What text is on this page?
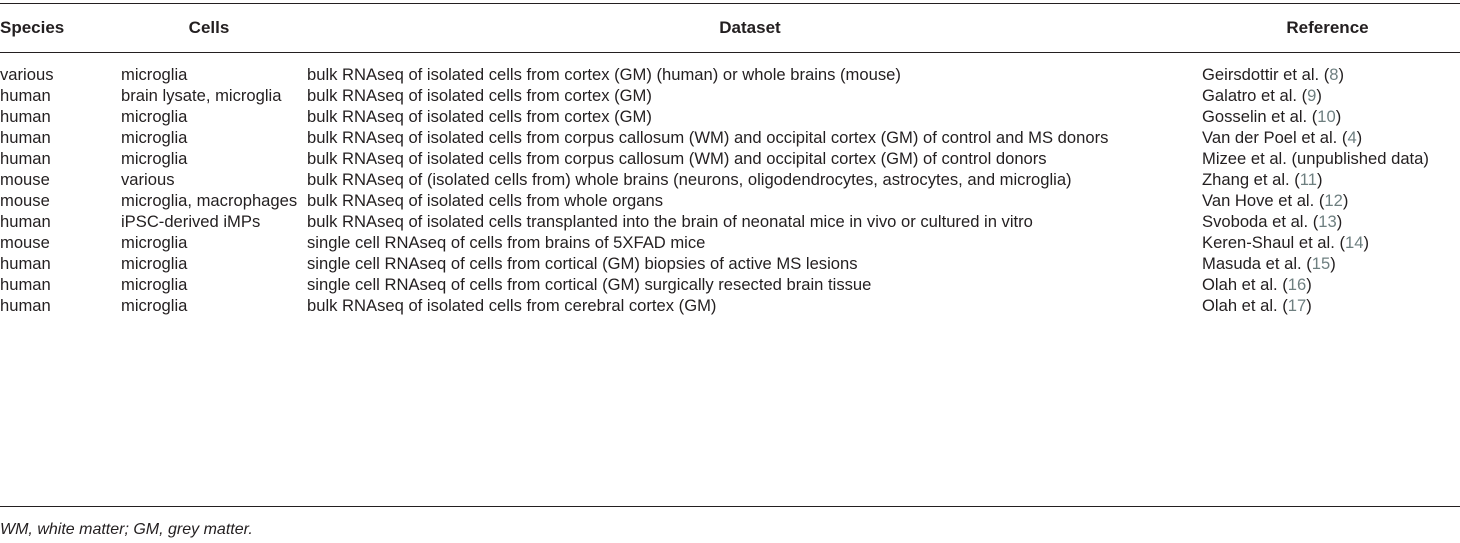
Species	Cells	Dataset	Reference
various	microglia	bulk RNAseq of isolated cells from cortex (GM) (human) or whole brains (mouse)	Geirsdottir et al. (8)
human	brain lysate, microglia	bulk RNAseq of isolated cells from cortex (GM)	Galatro et al. (9)
human	microglia	bulk RNAseq of isolated cells from cortex (GM)	Gosselin et al. (10)
human	microglia	bulk RNAseq of isolated cells from corpus callosum (WM) and occipital cortex (GM) of control and MS donors	Van der Poel et al. (4)
human	microglia	bulk RNAseq of isolated cells from corpus callosum (WM) and occipital cortex (GM) of control donors	Mizee et al. (unpublished data)
mouse	various	bulk RNAseq of (isolated cells from) whole brains (neurons, oligodendrocytes, astrocytes, and microglia)	Zhang et al. (11)
mouse	microglia, macrophages	bulk RNAseq of isolated cells from whole organs	Van Hove et al. (12)
human	iPSC-derived iMPs	bulk RNAseq of isolated cells transplanted into the brain of neonatal mice in vivo or cultured in vitro	Svoboda et al. (13)
mouse	microglia	single cell RNAseq of cells from brains of 5XFAD mice	Keren-Shaul et al. (14)
human	microglia	single cell RNAseq of cells from cortical (GM) biopsies of active MS lesions	Masuda et al. (15)
human	microglia	single cell RNAseq of cells from cortical (GM) surgically resected brain tissue	Olah et al. (16)
human	microglia	bulk RNAseq of isolated cells from cerebral cortex (GM)	Olah et al. (17)
WM, white matter; GM, grey matter.
